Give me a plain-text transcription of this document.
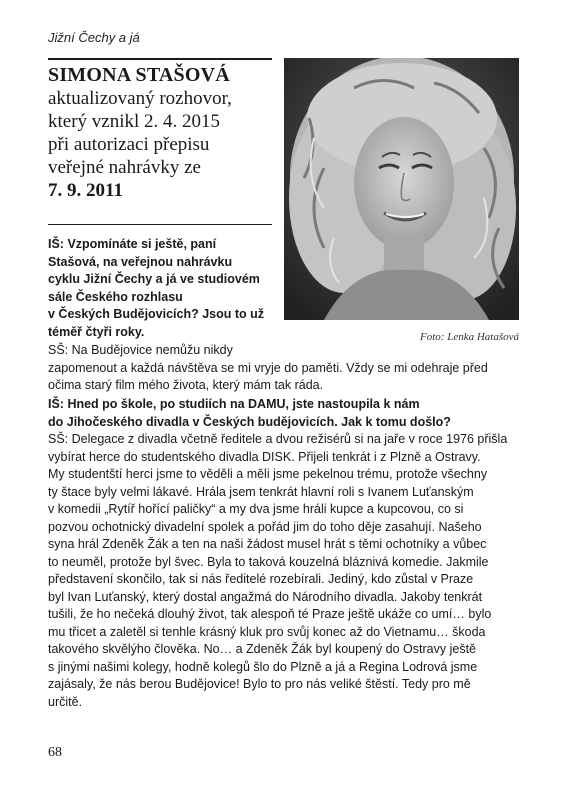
Jižní Čechy a já
SIMONA STAŠOVÁ
aktualizovaný rozhovor,
který vznikl 2. 4. 2015
při autorizaci přepisu
veřejné nahrávky ze
7. 9. 2011
Foto: Lenka Hatašová
IŠ: Vzpomínáte si ještě, paní
Stašová, na veřejnou nahrávku
cyklu Jižní Čechy a já ve studiovém
sále Českého rozhlasu
v Českých Budějovicích? Jsou to už
téměř čtyři roky.
SŠ: Na Budějovice nemůžu nikdy
zapomenout a každá návštěva se mi vryje do paměti. Vždy se mi odehraje před
očima starý film mého života, který mám tak ráda.
IŠ: Hned po škole, po studiích na DAMU, jste nastoupila k nám
do Jihočeského divadla v Českých budějovicích. Jak k tomu došlo?
SŠ: Delegace z divadla včetně ředitele a dvou režisérů si na jaře v roce 1976 přišla
vybírat herce do studentského divadla DISK. Přijeli tenkrát i z Plzně a Ostravy.
My studentští herci jsme to věděli a měli jsme pekelnou trému, protože všechny
ty štace byly velmi lákavé. Hrála jsem tenkrát hlavní roli s Ivanem Luťanským
v komedii „Rytíř hořící paličky“ a my dva jsme hráli kupce a kupcovou, co si
pozvou ochotnický divadelní spolek a pořád jim do toho děje zasahují. Našeho
syna hrál Zdeněk Žák a ten na naši žádost musel hrát s těmi ochotníky a vůbec
to neuměl, protože byl švec. Byla to taková kouzelná bláznivá komedie. Jakmile
představení skončilo, tak si nás ředitelé rozebírali. Jediný, kdo zůstal v Praze
byl Ivan Luťanský, který dostal angažmá do Národního divadla. Jakoby tenkrát
tušili, že ho nečeká dlouhý život, tak alespoň té Praze ještě ukáže co umí… bylo
mu třicet a zaletěl si tenhle krásný kluk pro svůj konec až do Vietnamu… škoda
takového skvělýho člověka. No… a Zdeněk Žák byl koupený do Ostravy ještě
s jinými našimi kolegy, hodně kolegů šlo do Plzně a já a Regina Lodrová jsme
zajásaly, že nás berou Budějovice! Bylo to pro nás veliké štěstí. Tedy pro mě
určitě.
68
